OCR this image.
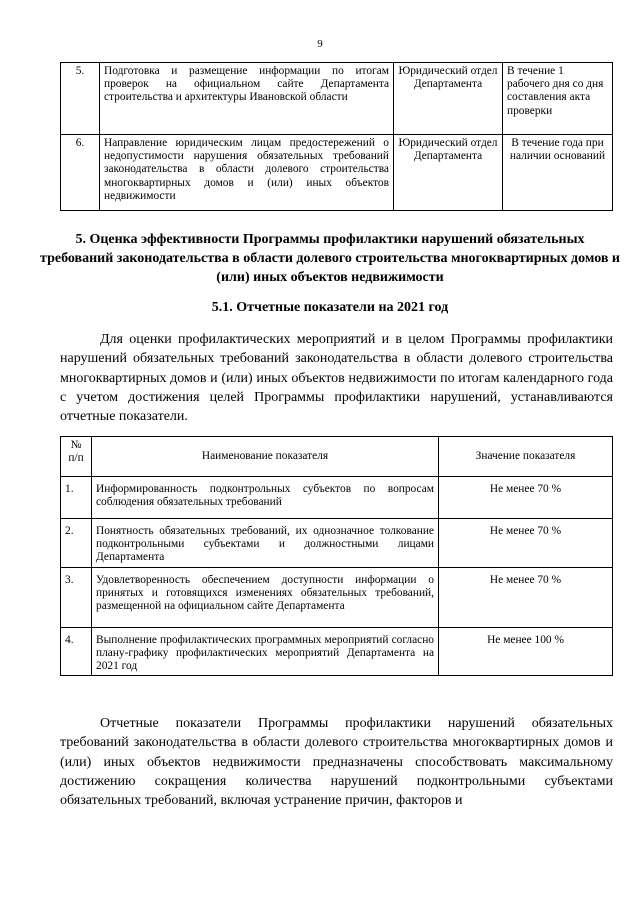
9
5.	Подготовка и размещение информации по итогам проверок на официальном сайте Департамента строительства и архитектуры Ивановской области	Юридический отдел Департамента	В течение 1 рабочего дня со дня составления акта проверки
6.	Направление юридическим лицам предостережений о недопустимости нарушения обязательных требований законодательства в области долевого строительства многоквартирных домов и (или) иных объектов недвижимости	Юридический отдел Департамента	В течение года при наличии оснований
5. Оценка эффективности Программы профилактики нарушений обязательных требований законодательства в области долевого строительства многоквартирных домов и (или) иных объектов недвижимости
5.1. Отчетные показатели на 2021 год
Для оценки профилактических мероприятий и в целом Программы профилактики нарушений обязательных требований законодательства в области долевого строительства многоквартирных домов и (или) иных объектов недвижимости по итогам календарного года с учетом достижения целей Программы профилактики нарушений, устанавливаются отчетные показатели.
№ п/п	Наименование показателя	Значение показателя
1.	Информированность подконтрольных субъектов по вопросам соблюдения обязательных требований	Не менее 70 %
2.	Понятность обязательных требований, их однозначное толкование подконтрольными субъектами и должностными лицами Департамента	Не менее 70 %
3.	Удовлетворенность обеспечением доступности информации о принятых и готовящихся изменениях обязательных требований, размещенной на официальном сайте Департамента	Не менее 70 %
4.	Выполнение профилактических программных мероприятий согласно плану-графику профилактических мероприятий Департамента на 2021 год	Не менее 100 %
Отчетные показатели Программы профилактики нарушений обязательных требований законодательства в области долевого строительства многоквартирных домов и (или) иных объектов недвижимости предназначены способствовать максимальному достижению сокращения количества нарушений подконтрольными субъектами обязательных требований, включая устранение причин, факторов и
